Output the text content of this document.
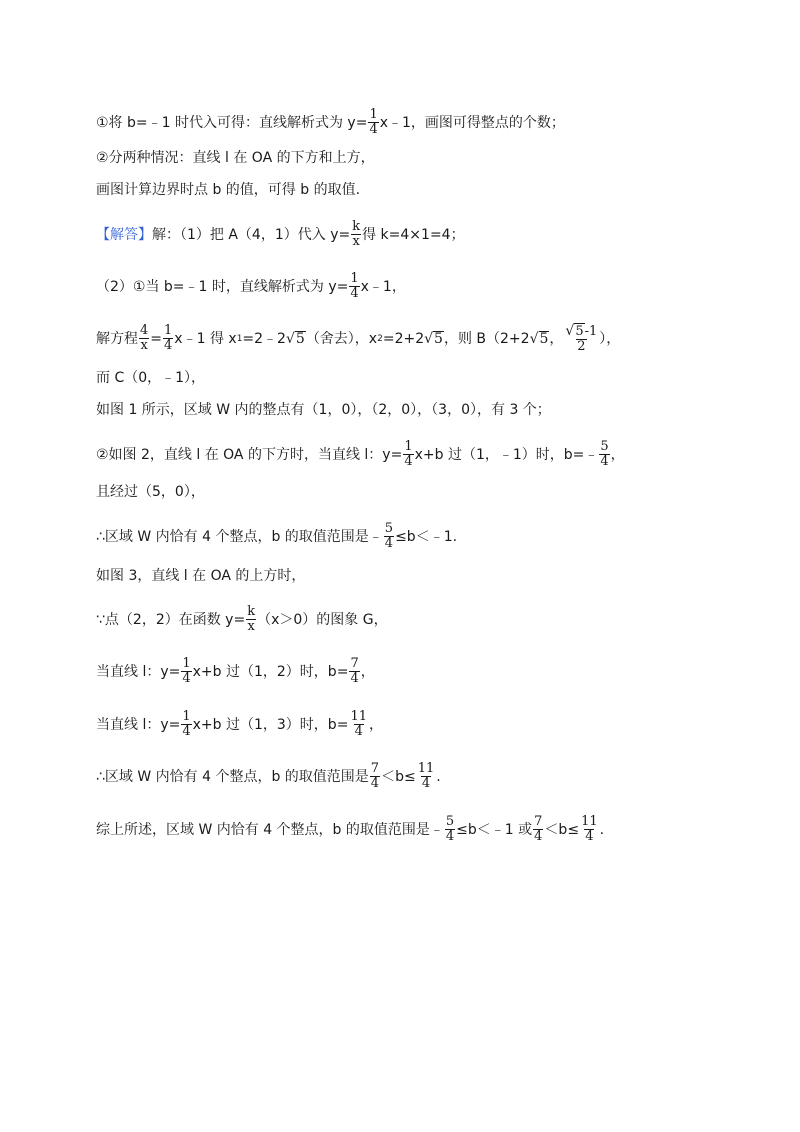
①将 b=﹣1 时代入可得：直线解析式为 $y= \frac{1}{4}$ x﹣1，画图可得整点的个数；
②分两种情况：直线 l 在 OA 的下方和上方，
画图计算边界时点 b 的值，可得 b 的取值.
【解答】 解：（1）把 A（4，1）代入 $y= \frac{k}{x}$ 得 k=4×1=4；
（2）①当 b=﹣1 时，直线解析式为 $y= \frac{1}{4}$ x﹣1，
解方程 $\frac{4}{x} = \frac{1}{4}$ x﹣1 得 x 1 =2﹣2 √ 5 （舍去），x 2 =2+2 √ 5 ，则 B（2+2 √ 5 ， $\frac{√ 5 -1}{2}$ ），
而 C（0，﹣1），
如图 1 所示，区域 W 内的整点有（1，0），（2，0），（3，0），有 3 个；
②如图 2，直线 l 在 OA 的下方时，当直线 l：$y= \frac{1}{4} x+b$ 过（1，﹣1）时，b=﹣ $\frac{5}{4}$ ，
且经过（5，0），
∴区域 W 内恰有 4 个整点，b 的取值范围是﹣ $\frac{5}{4}$ ≤b＜﹣1.
如图 3，直线 l 在 OA 的上方时，
∵点（2，2）在函数 $y= \frac{k}{x} (x>0)$的图象 G，
当直线 l：$y= \frac{1}{4} x+b$ 过（1，2）时，$b= \frac{7}{4}$ ，
当直线 l：$y= \frac{1}{4} x+b$ 过（1，3）时，$b= \frac{11}{4}$ ，
∴区域 W 内恰有 4 个整点，b 的取值范围是 $\frac{7}{4} <b\le \frac{11}{4}$ .
综上所述，区域 W 内恰有 4 个整点，b 的取值范围是﹣ $\frac{5}{4}$ ≤b＜﹣1 或 $\frac{7}{4} <b\le \frac{11}{4}$ .
